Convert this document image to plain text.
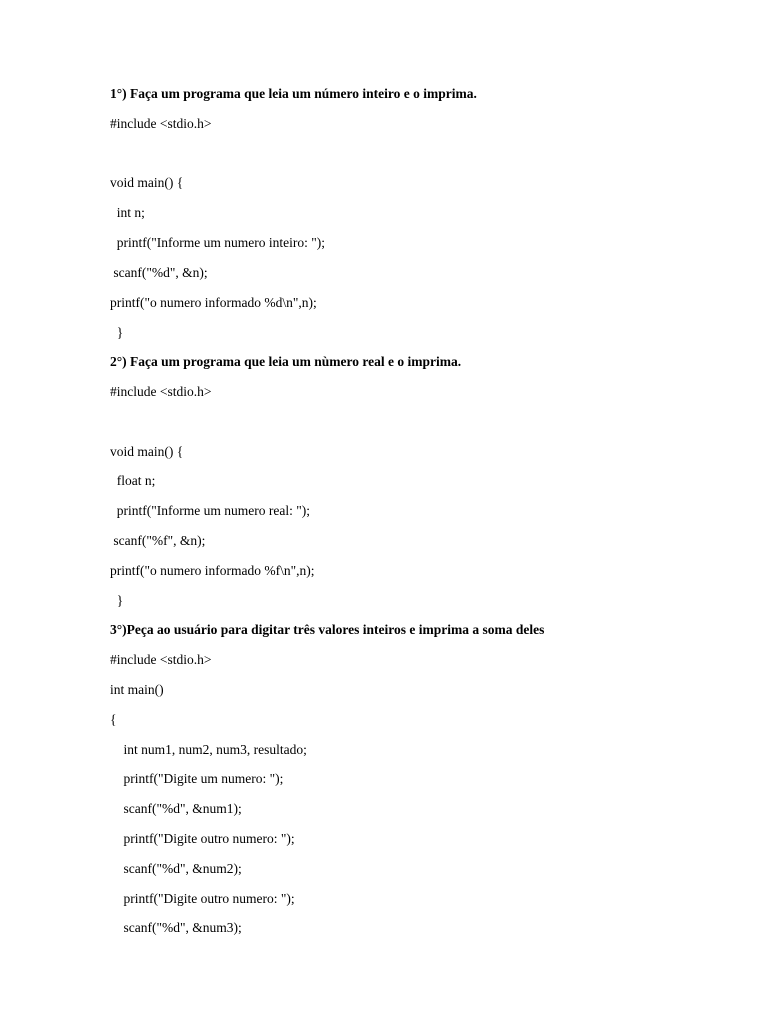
1°) Faça um programa que leia um número inteiro e o imprima.
#include <stdio.h>
void main() {
int n;
printf("Informe um numero inteiro: ");
scanf("%d", &n);
printf("o numero informado %d\n",n);
}
2°) Faça um programa que leia um nùmero real e o imprima.
#include <stdio.h>
void main() {
float n;
printf("Informe um numero real: ");
scanf("%f", &n);
printf("o numero informado %f\n",n);
}
3°)Peça ao usuário para digitar três valores inteiros e imprima a soma deles
#include <stdio.h>
int main()
{
int num1, num2, num3, resultado;
printf("Digite um numero: ");
scanf("%d", &num1);
printf("Digite outro numero: ");
scanf("%d", &num2);
printf("Digite outro numero: ");
scanf("%d", &num3);
